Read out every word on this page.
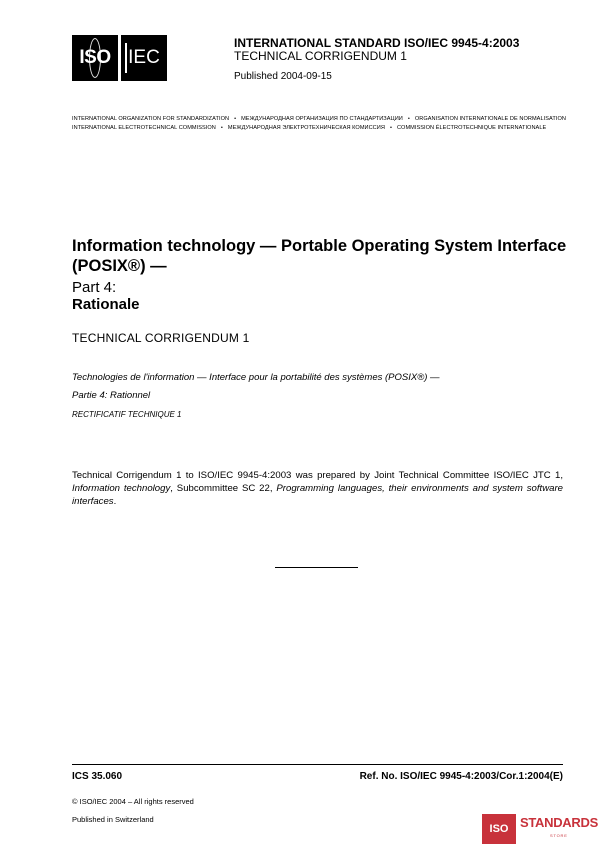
ISO IEC
INTERNATIONAL STANDARD ISO/IEC 9945-4:2003
TECHNICAL CORRIGENDUM 1
Published 2004-09-15
INTERNATIONAL ORGANIZATION FOR STANDARDIZATION • МЕЖДУНАРОДНАЯ ОРГАНИЗАЦИЯ ПО СТАНДАРТИЗАЦИИ • ORGANISATION INTERNATIONALE DE NORMALISATION
INTERNATIONAL ELECTROTECHNICAL COMMISSION • МЕЖДУНАРОДНАЯ ЭЛЕКТРОТЕХНИЧЕСКАЯ КОМИССИЯ • COMMISSION ÉLECTROTECHNIQUE INTERNATIONALE
Information technology — Portable Operating System Interface (POSIX®) —
Part 4:
Rationale
TECHNICAL CORRIGENDUM 1
Technologies de l'information — Interface pour la portabilité des systèmes (POSIX®) —
Partie 4: Rationnel
RECTIFICATIF TECHNIQUE 1

Technical Corrigendum 1 to ISO/IEC 9945-4:2003 was prepared by Joint Technical Committee ISO/IEC JTC 1, Information technology, Subcommittee SC 22, Programming languages, their environments and system software interfaces.

ICS 35.060	Ref. No. ISO/IEC 9945-4:2003/Cor.1:2004(E)
© ISO/IEC 2004 – All rights reserved
Published in Switzerland
ISO STANDARDS
STORE
